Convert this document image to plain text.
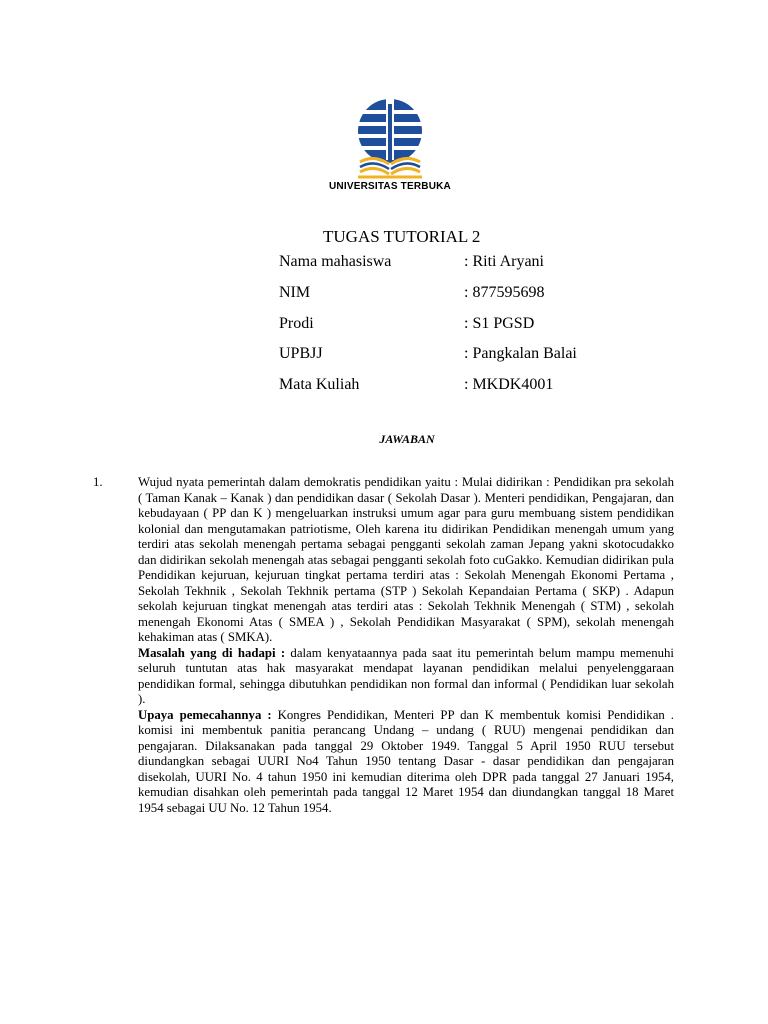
UNIVERSITAS TERBUKA
TUGAS TUTORIAL 2
Nama mahasiswa	: Riti Aryani
NIM	: 877595698
Prodi	: S1 PGSD
UPBJJ	: Pangkalan Balai
Mata Kuliah	: MKDK4001
JAWABAN
1.	Wujud nyata pemerintah dalam demokratis pendidikan yaitu : Mulai didirikan : Pendidikan pra sekolah ( Taman Kanak – Kanak ) dan pendidikan dasar ( Sekolah Dasar ). Menteri pendidikan, Pengajaran, dan kebudayaan ( PP dan K ) mengeluarkan instruksi umum agar para guru membuang sistem pendidikan kolonial dan mengutamakan patriotisme, Oleh karena itu didirikan Pendidikan menengah umum yang terdiri atas sekolah menengah pertama sebagai pengganti sekolah zaman Jepang yakni skotocudakko dan didirikan sekolah menengah atas sebagai pengganti sekolah foto cuGakko. Kemudian didirikan pula Pendidikan kejuruan, kejuruan tingkat pertama terdiri atas : Sekolah Menengah Ekonomi Pertama , Sekolah Tekhnik , Sekolah Tekhnik pertama (STP ) Sekolah Kepandaian Pertama ( SKP) . Adapun sekolah kejuruan tingkat menengah atas terdiri atas : Sekolah Tekhnik Menengah ( STM) , sekolah menengah Ekonomi Atas ( SMEA ) , Sekolah Pendidikan Masyarakat ( SPM), sekolah menengah kehakiman atas ( SMKA).

Masalah yang di hadapi : dalam kenyataannya pada saat itu pemerintah belum mampu memenuhi seluruh tuntutan atas hak masyarakat mendapat layanan pendidikan melalui penyelenggaraan pendidikan formal, sehingga dibutuhkan pendidikan non formal dan informal ( Pendidikan luar sekolah ).

Upaya pemecahannya : Kongres Pendidikan, Menteri PP dan K membentuk komisi Pendidikan . komisi ini membentuk panitia perancang Undang – undang ( RUU) mengenai pendidikan dan pengajaran. Dilaksanakan pada tanggal 29 Oktober 1949. Tanggal 5 April 1950 RUU tersebut diundangkan sebagai UURI No4 Tahun 1950 tentang Dasar - dasar pendidikan dan pengajaran disekolah, UURI No. 4 tahun 1950 ini kemudian diterima oleh DPR pada tanggal 27 Januari 1954, kemudian disahkan oleh pemerintah pada tanggal 12 Maret 1954 dan diundangkan tanggal 18 Maret 1954 sebagai UU No. 12 Tahun 1954.
